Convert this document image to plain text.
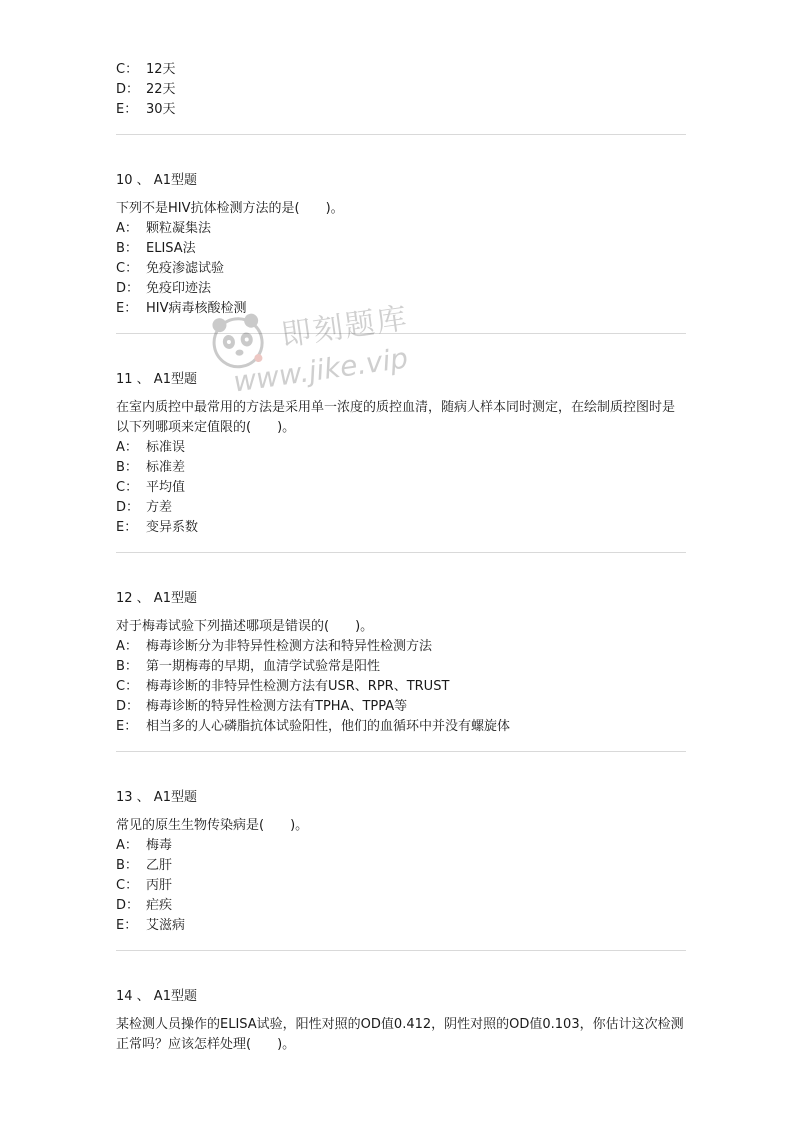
C： 12天
D： 22天
E： 30天
10 、 A1型题
下列不是HIV抗体检测方法的是(　　)。
A： 颗粒凝集法
B： ELISA法
C： 免疫渗滤试验
D： 免疫印迹法
E： HIV病毒核酸检测
11 、 A1型题
在室内质控中最常用的方法是采用单一浓度的质控血清，随病人样本同时测定，在绘制质控图时是以下列哪项来定值限的(　　)。
A： 标准误
B： 标准差
C： 平均值
D： 方差
E： 变异系数
12 、 A1型题
对于梅毒试验下列描述哪项是错误的(　　)。
A： 梅毒诊断分为非特异性检测方法和特异性检测方法
B： 第一期梅毒的早期，血清学试验常是阳性
C： 梅毒诊断的非特异性检测方法有USR、RPR、TRUST
D： 梅毒诊断的特异性检测方法有TPHA、TPPA等
E： 相当多的人心磷脂抗体试验阳性，他们的血循环中并没有螺旋体
13 、 A1型题
常见的原生生物传染病是(　　)。
A： 梅毒
B： 乙肝
C： 丙肝
D： 疟疾
E： 艾滋病
14 、 A1型题
某检测人员操作的ELISA试验，阳性对照的OD值0.412，阴性对照的OD值0.103，你估计这次检测正常吗？应该怎样处理(　　)。
即刻题库
www.jike.vip
